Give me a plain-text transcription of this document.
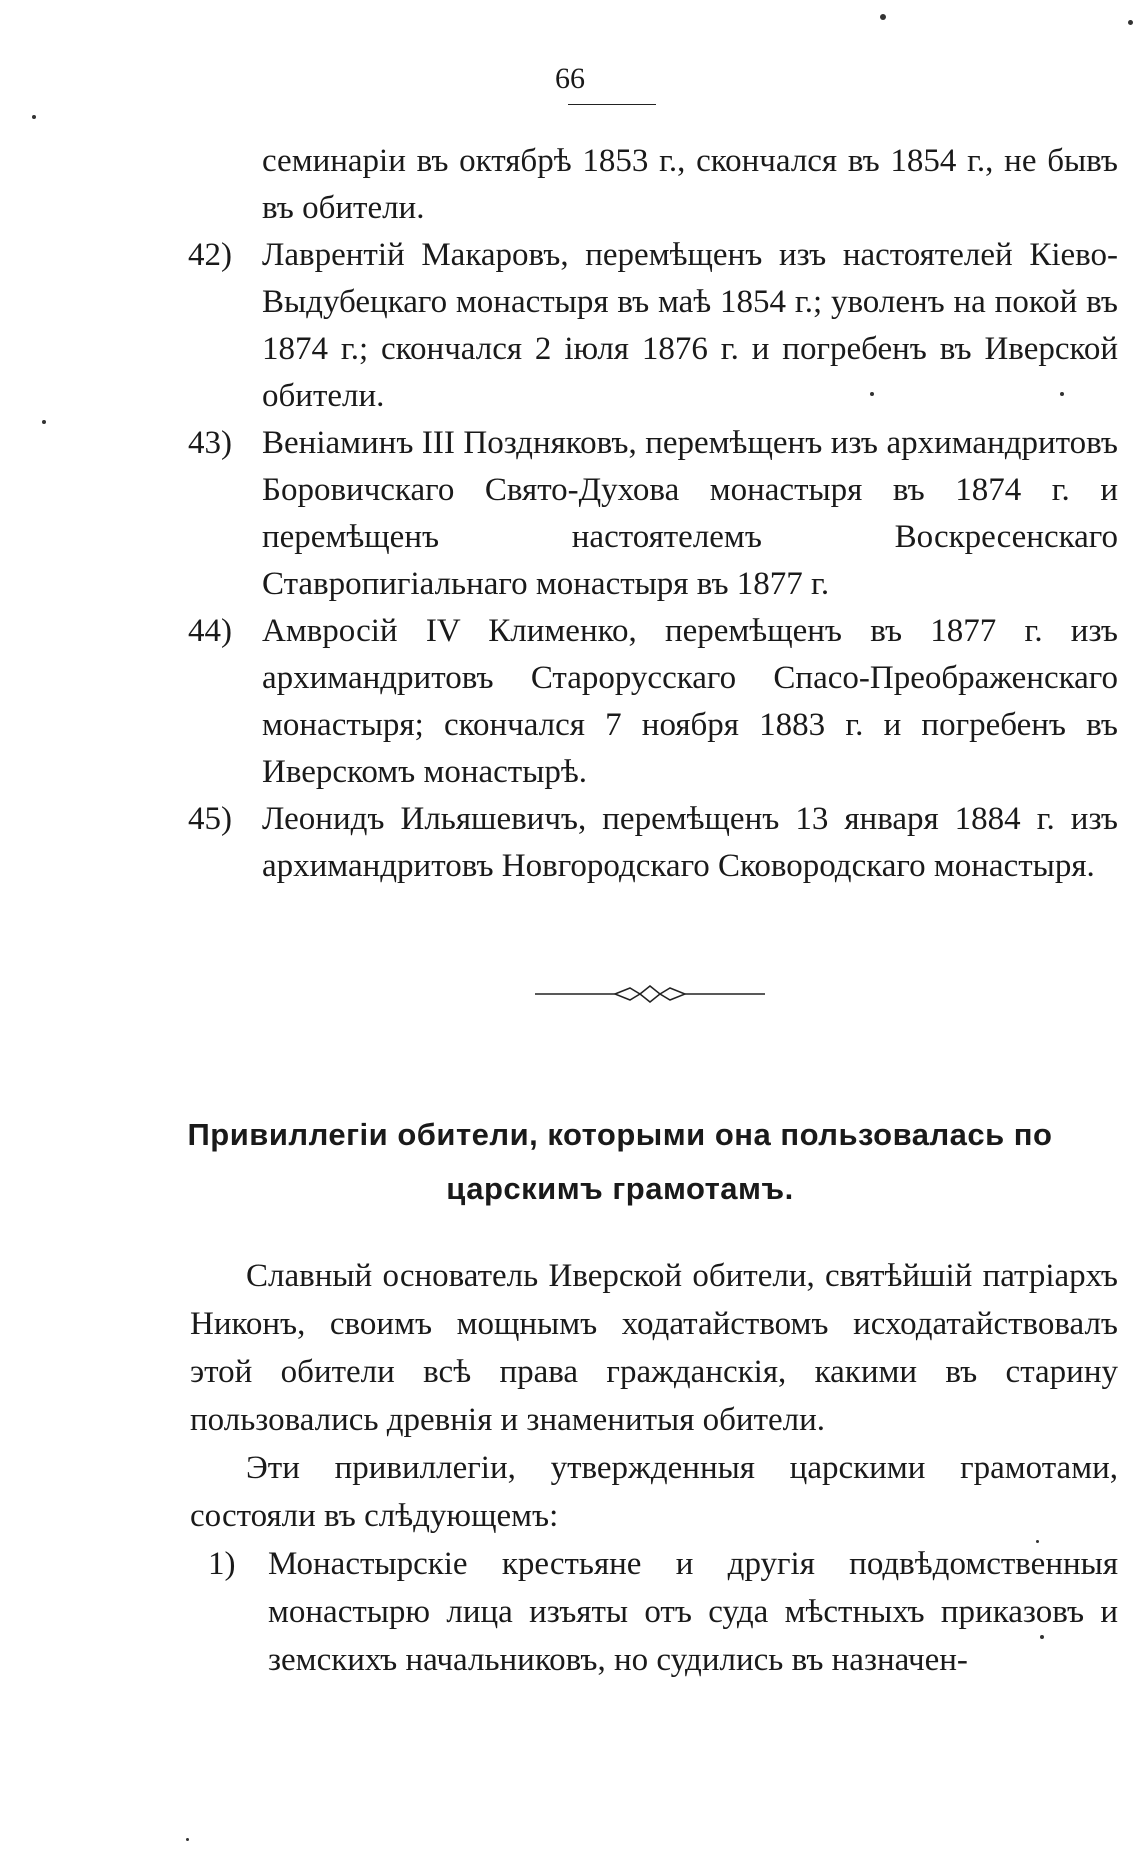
66
семинаріи въ октябрѣ 1853 г., скончался въ 1854 г., не бывъ въ обители.
42) Лаврентій Макаровъ, перемѣщенъ изъ настоятелей Кіево-Выдубецкаго монастыря въ маѣ 1854 г.; уволенъ на покой въ 1874 г.; скончался 2 іюля 1876 г. и погребенъ въ Иверской обители.
43) Веніаминъ III Поздняковъ, перемѣщенъ изъ архимандритовъ Боровичскаго Свято-Духова монастыря въ 1874 г. и перемѣщенъ настоятелемъ Воскресенскаго Ставропигіальнаго монастыря въ 1877 г.
44) Амвросій IV Клименко, перемѣщенъ въ 1877 г. изъ архимандритовъ Старорусскаго Спасо-Преображенскаго монастыря; скончался 7 ноября 1883 г. и погребенъ въ Иверскомъ монастырѣ.
45) Леонидъ Ильяшевичъ, перемѣщенъ 13 января 1884 г. изъ архимандритовъ Новгородскаго Сковородскаго монастыря.
Привиллегіи обители, которыми она пользовалась по
царскимъ грамотамъ.

Славный основатель Иверской обители, святѣйшій патріархъ Никонъ, своимъ мощнымъ ходатайствомъ исходатайствовалъ этой обители всѣ права гражданскія, какими въ старину пользовались древнія и знаменитыя обители.

Эти привиллегіи, утвержденныя царскими грамотами, состояли въ слѣдующемъ:

1) Монастырскіе крестьяне и другія подвѣдомственныя монастырю лица изъяты отъ суда мѣстныхъ приказовъ и земскихъ начальниковъ, но судились въ назначен-
